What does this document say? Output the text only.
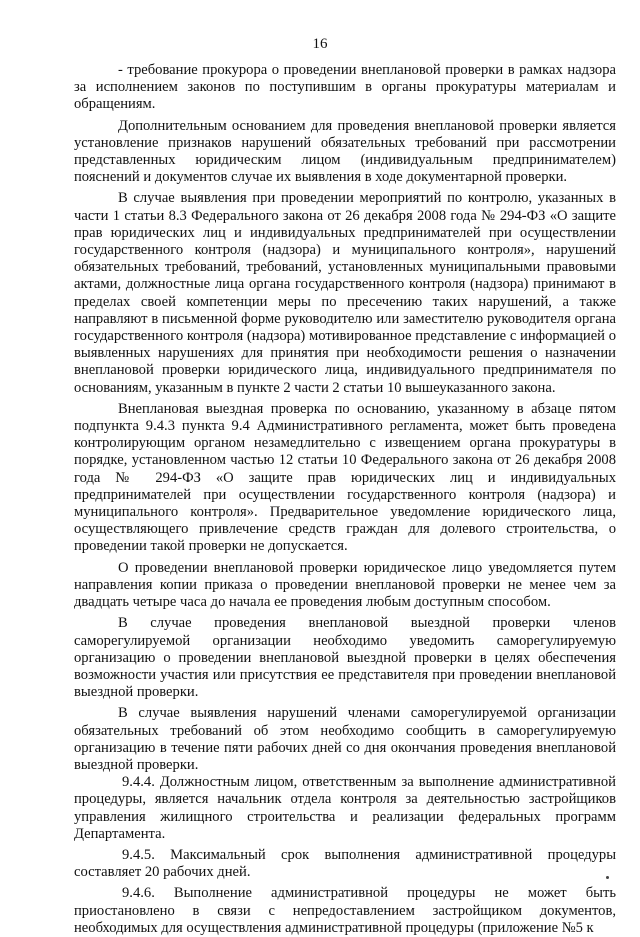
16

- требование прокурора о проведении внеплановой проверки в рамках надзора за исполнением законов по поступившим в органы прокуратуры материалам и обращениям.

Дополнительным основанием для проведения внеплановой проверки является установление признаков нарушений обязательных требований при рассмотрении представленных юридическим лицом (индивидуальным предпринимателем) пояснений и документов случае их выявления в ходе документарной проверки.

В случае выявления при проведении мероприятий по контролю, указанных в части 1 статьи 8.3 Федерального закона от 26 декабря 2008 года № 294-ФЗ «О защите прав юридических лиц и индивидуальных предпринимателей при осуществлении государственного контроля (надзора) и муниципального контроля», нарушений обязательных требований, требований, установленных муниципальными правовыми актами, должностные лица органа государственного контроля (надзора) принимают в пределах своей компетенции меры по пресечению таких нарушений, а также направляют в письменной форме руководителю или заместителю руководителя органа государственного контроля (надзора) мотивированное представление с информацией о выявленных нарушениях для принятия при необходимости решения о назначении внеплановой проверки юридического лица, индивидуального предпринимателя по основаниям, указанным в пункте 2 части 2 статьи 10 вышеуказанного закона.

Внеплановая выездная проверка по основанию, указанному в абзаце пятом подпункта 9.4.3 пункта 9.4 Административного регламента, может быть проведена контролирующим органом незамедлительно с извещением органа прокуратуры в порядке, установленном частью 12 статьи 10 Федерального закона от 26 декабря 2008 года № 294-ФЗ «О защите прав юридических лиц и индивидуальных предпринимателей при осуществлении государственного контроля (надзора) и муниципального контроля». Предварительное уведомление юридического лица, осуществляющего привлечение средств граждан для долевого строительства, о проведении такой проверки не допускается.

О проведении внеплановой проверки юридическое лицо уведомляется путем направления копии приказа о проведении внеплановой проверки не менее чем за двадцать четыре часа до начала ее проведения любым доступным способом.

В случае проведения внеплановой выездной проверки членов саморегулируемой организации необходимо уведомить саморегулируемую организацию о проведении внеплановой выездной проверки в целях обеспечения возможности участия или присутствия ее представителя при проведении внеплановой выездной проверки.

В случае выявления нарушений членами саморегулируемой организации обязательных требований об этом необходимо сообщить в саморегулируемую организацию в течение пяти рабочих дней со дня окончания проведения внеплановой выездной проверки.

9.4.4. Должностным лицом, ответственным за выполнение административной процедуры, является начальник отдела контроля за деятельностью застройщиков управления жилищного строительства и реализации федеральных программ Департамента.

9.4.5. Максимальный срок выполнения административной процедуры составляет 20 рабочих дней.

9.4.6. Выполнение административной процедуры не может быть приостановлено в связи с непредоставлением застройщиком документов, необходимых для осуществления административной процедуры (приложение №5 к
